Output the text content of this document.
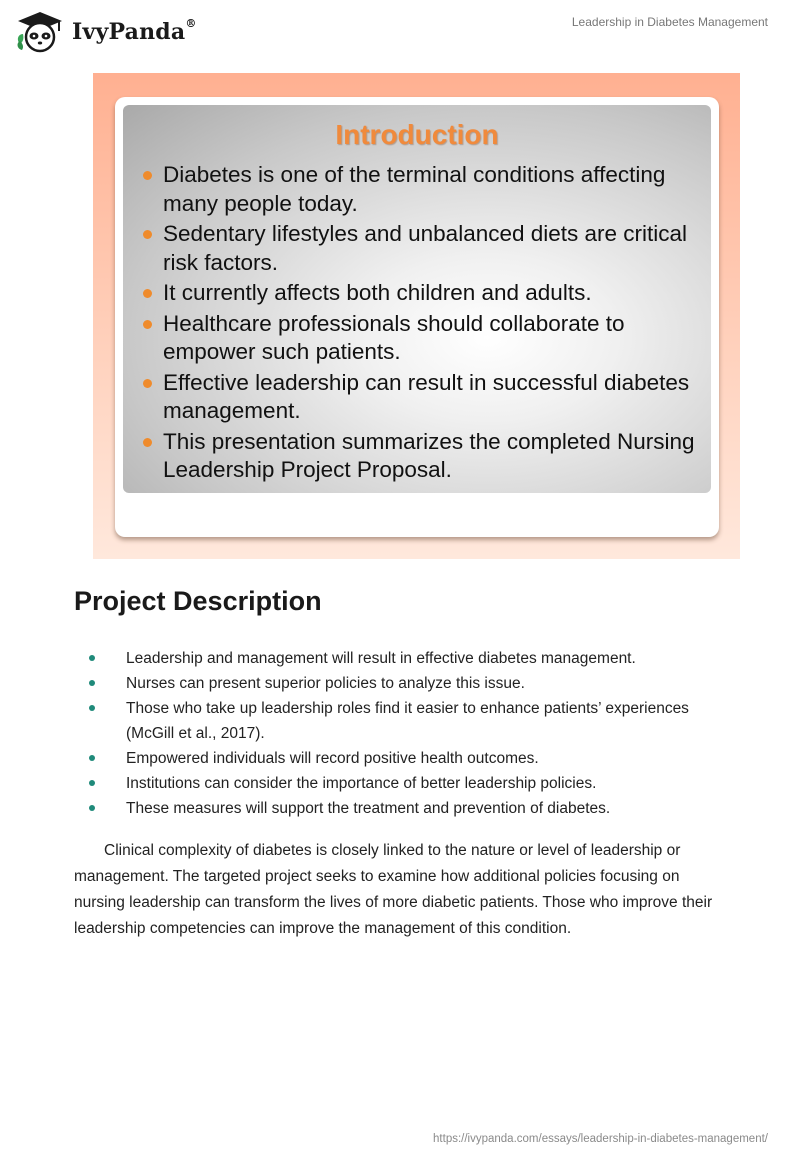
IvyPanda®	Leadership in Diabetes Management
Introduction
Diabetes is one of the terminal conditions affecting many people today.
Sedentary lifestyles and unbalanced diets are critical risk factors.
It currently affects both children and adults.
Healthcare professionals should collaborate to empower such patients.
Effective leadership can result in successful diabetes management.
This presentation summarizes the completed Nursing Leadership Project Proposal.
Project Description
Leadership and management will result in effective diabetes management.
Nurses can present superior policies to analyze this issue.
Those who take up leadership roles find it easier to enhance patients’ experiences (McGill et al., 2017).
Empowered individuals will record positive health outcomes.
Institutions can consider the importance of better leadership policies.
These measures will support the treatment and prevention of diabetes.

Clinical complexity of diabetes is closely linked to the nature or level of leadership or management. The targeted project seeks to examine how additional policies focusing on nursing leadership can transform the lives of more diabetic patients. Those who improve their leadership competencies can improve the management of this condition.

https://ivypanda.com/essays/leadership-in-diabetes-management/
